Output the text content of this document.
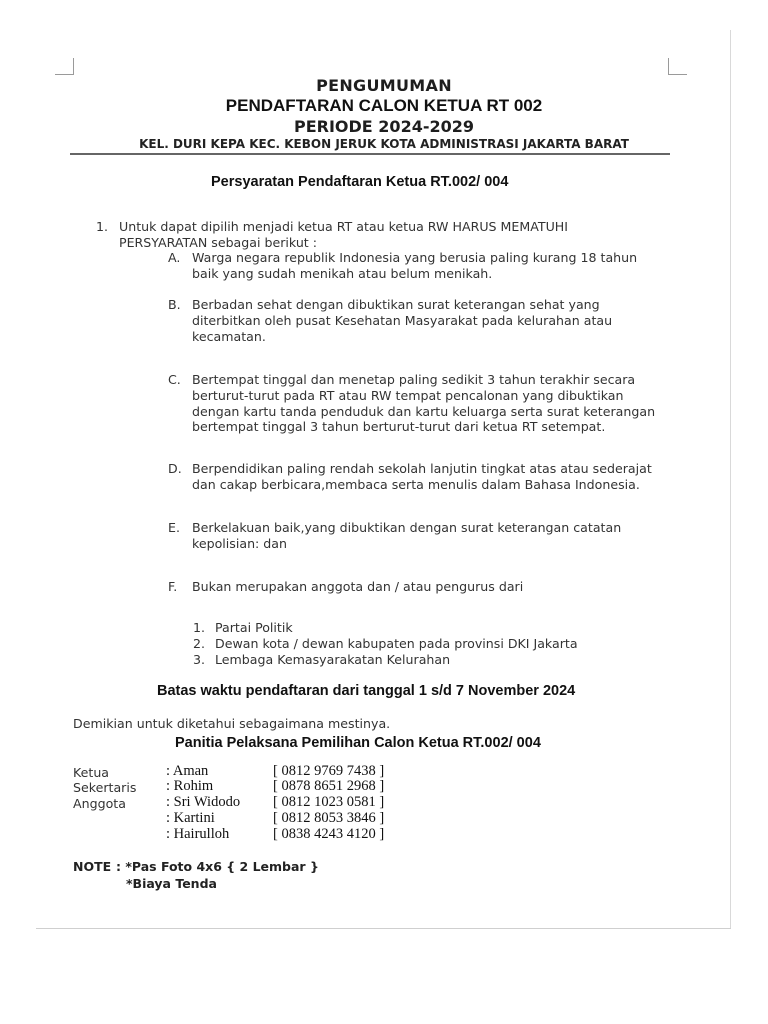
PENGUMUMAN
PENDAFTARAN CALON KETUA RT 002
PERIODE 2024-2029
KEL. DURI KEPA KEC. KEBON JERUK KOTA ADMINISTRASI JAKARTA BARAT
Persyaratan Pendaftaran Ketua RT.002/ 004
1. Untuk dapat dipilih menjadi ketua RT atau ketua RW HARUS MEMATUHI
PERSYARATAN sebagai berikut :
A. Warga negara republik Indonesia yang berusia paling kurang 18 tahun
baik yang sudah menikah atau belum menikah.
B. Berbadan sehat dengan dibuktikan surat keterangan sehat yang
diterbitkan oleh pusat Kesehatan Masyarakat pada kelurahan atau
kecamatan.
C. Bertempat tinggal dan menetap paling sedikit 3 tahun terakhir secara
berturut-turut pada RT atau RW tempat pencalonan yang dibuktikan
dengan kartu tanda penduduk dan kartu keluarga serta surat keterangan
bertempat tinggal 3 tahun berturut-turut dari ketua RT setempat.
D. Berpendidikan paling rendah sekolah lanjutin tingkat atas atau sederajat
dan cakap berbicara,membaca serta menulis dalam Bahasa Indonesia.
E. Berkelakuan baik,yang dibuktikan dengan surat keterangan catatan
kepolisian: dan
F. Bukan merupakan anggota dan / atau pengurus dari
1. Partai Politik
2. Dewan kota / dewan kabupaten pada provinsi DKI Jakarta
3. Lembaga Kemasyarakatan Kelurahan
Batas waktu pendaftaran dari tanggal 1 s/d 7 November 2024
Demikian untuk diketahui sebagaimana mestinya.
Panitia Pelaksana Pemilihan Calon Ketua RT.002/ 004
Ketua	: Aman	[ 0812 9769 7438 ]
Sekertaris : Rohim	[ 0878 8651 2968 ]
Anggota	: Sri Widodo [ 0812 1023 0581 ]
: Kartini	[ 0812 8053 3846 ]
: Hairulloh	[ 0838 4243 4120 ]
NOTE : *Pas Foto 4x6 { 2 Lembar }
*Biaya Tenda
